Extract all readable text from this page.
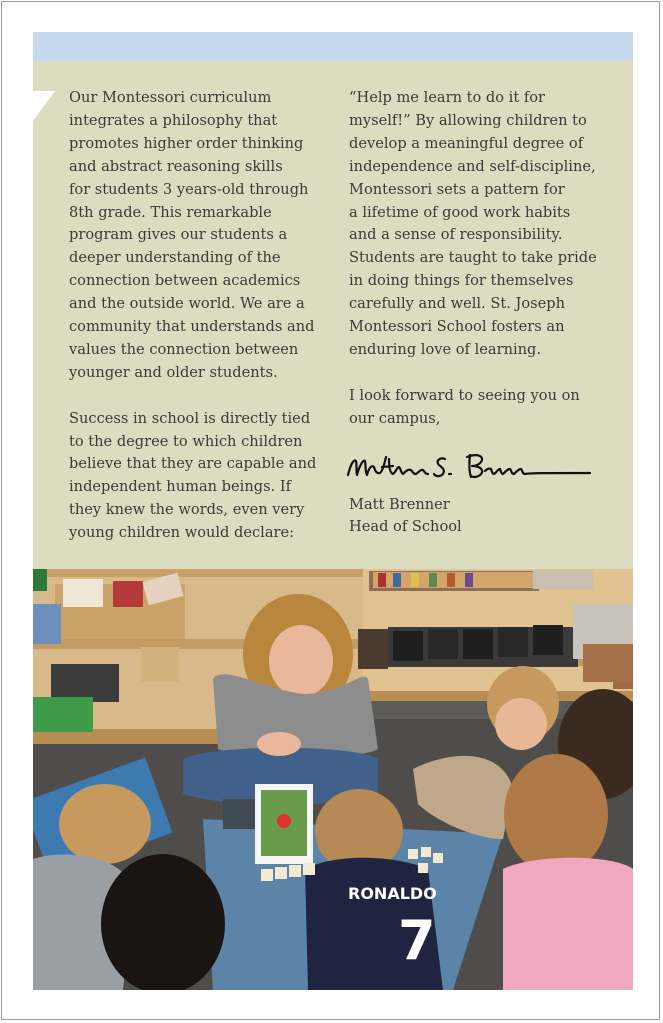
Our Montessori curriculum
integrates a philosophy that
promotes higher order thinking
and abstract reasoning skills
for students 3 years-old through
8th grade. This remarkable
program gives our students a
deeper understanding of the
connection between academics
and the outside world. We are a
community that understands and
values the connection between
younger and older students.

Success in school is directly tied
to the degree to which children
believe that they are capable and
independent human beings. If
they knew the words, even very
young children would declare:

“Help me learn to do it for
myself!” By allowing children to
develop a meaningful degree of
independence and self-discipline,
Montessori sets a pattern for
a lifetime of good work habits
and a sense of responsibility.
Students are taught to take pride
in doing things for themselves
carefully and well. St. Joseph
Montessori School fosters an
enduring love of learning.

I look forward to seeing you on
our campus,

Matt Brenner
Head of School

RONALDO
7
